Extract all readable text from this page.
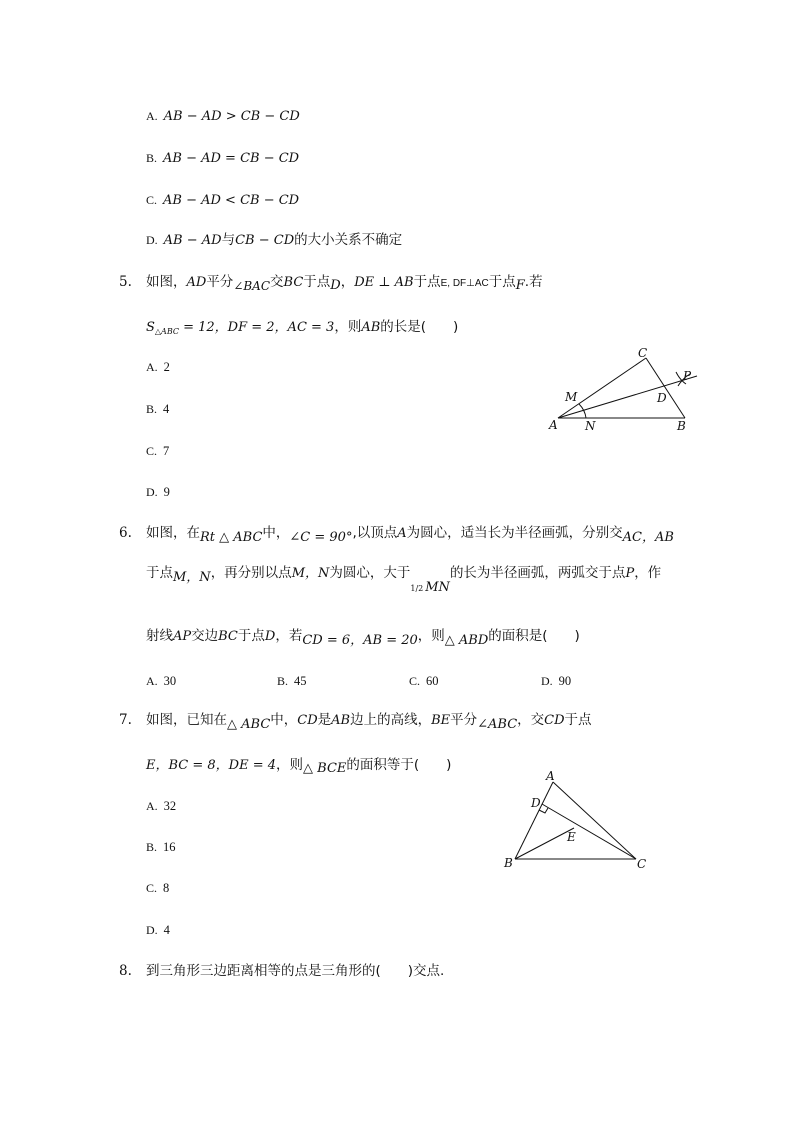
A. AB − AD > CB − CD
B. AB − AD = CB − CD
C. AB − AD < CB − CD
D. AB − AD与CB − CD的大小关系不确定
5. 如图，AD平分∠BAC交BC于点D，DE ⊥ AB于点E, DF⊥AC于点F.若
$S_{\triangle ABC} = 12$，DF = 2，AC = 3，则AB的长是(　　)
A. 2
B. 4
C. 7
D. 9
A	B
C
D
M
N
P
6. 如图，在Rt △ ABC中，∠C = 90°,以顶点A为圆心，适当长为半径画弧，分别交AC，AB
于点M，N，再分别以点M，N为圆心，大于$_{1/2}$ MN的长为半径画弧，两弧交于点P，作
射线AP交边BC于点D，若CD = 6，AB = 20，则△ ABD的面积是(　　)
A. 30	B. 45	C. 60	D. 90
7. 如图，已知在△ ABC中，CD是AB边上的高线，BE平分∠ABC，交CD于点
E，BC = 8，DE = 4，则△ BCE的面积等于(　　)
A. 32
B. 16
C. 8
D. 4
A
B	C
D
E
8. 到三角形三边距离相等的点是三角形的(　　)交点.
